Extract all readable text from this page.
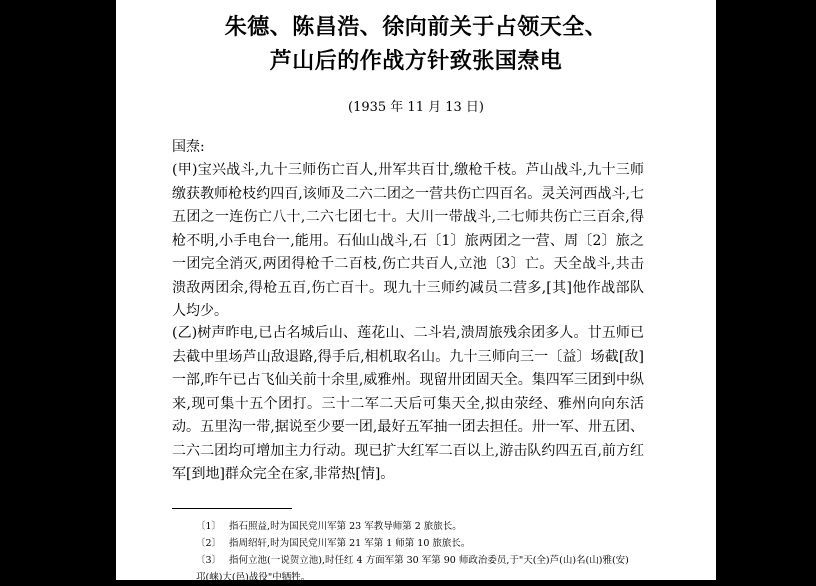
朱德、陈昌浩、徐向前关于占领天全、
芦山后的作战方针致张国焘电
(1935 年 11 月 13 日)
国焘:

(甲)宝兴战斗,九十三师伤亡百人,卅军共百廿,缴枪千枝。芦山战斗,九十三师缴获教师枪枝约四百,该师及二六二团之一营共伤亡四百名。灵关河西战斗,七五团之一连伤亡八十,二六七团七十。大川一带战斗,二七师共伤亡三百余,得枪不明,小手电台一,能用。石仙山战斗,石〔1〕旅两团之一营、周〔2〕旅之一团完全消灭,两团得枪千二百枝,伤亡共百人,立池〔3〕亡。天全战斗,共击溃敌两团余,得枪五百,伤亡百十。现九十三师约减员二营多,[其]他作战部队人均少。

(乙)树声昨电,已占名城后山、莲花山、二斗岩,溃周旅残余团多人。廿五师已去截中里场芦山敌退路,得手后,相机取名山。九十三师向三一〔益〕场截[敌]一部,昨午已占飞仙关前十余里,威雅州。现留卅团固天全。集四军三团到中纵来,现可集十五个团打。三十二军二天后可集天全,拟由荥经、雅州向向东活动。五里沟一带,据说至少要一团,最好五军抽一团去担任。卅一军、卅五团、二六二团均可增加主力行动。现已扩大红军二百以上,游击队约四五百,前方红军[到地]群众完全在家,非常热[情]。

〔1〕 指石照益,时为国民党川军第 23 军教导师第 2 旅旅长。

〔2〕 指周绍轩,时为国民党川军第 21 军第 1 师第 10 旅旅长。

〔3〕 指何立池(一说贺立池),时任红 4 方面军第 30 军第 90 师政治委员,于"天(全)芦(山)名(山)雅(安)邛(崃)大(邑)战役"中牺牲。
